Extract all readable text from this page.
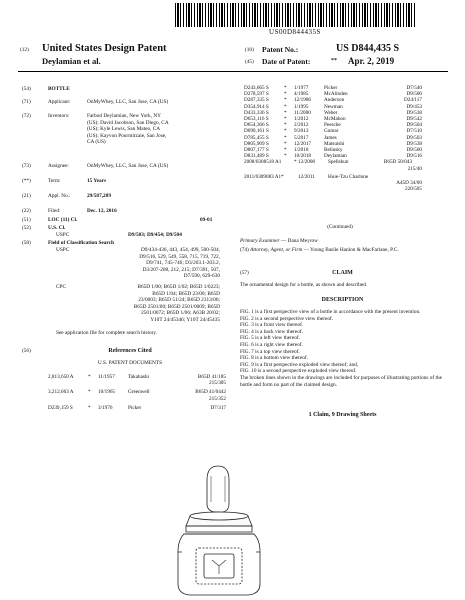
US00D844435S
(12) United States Design Patent
Deylamian et al.
(10) Patent No.:	US D844,435 S
(45) Date of Patent:	** Apr. 2, 2019
(54)	BOTTLE
(71)	Applicant:	OnMyWhey, LLC, San Jose, CA (US)
(72)	Inventors:	Farbod Deylamian, New York, NY
(US); David Jacobson, San Diego, CA
(US); Kyle Lewis, San Mateo, CA
(US); Kayvon Pourmirzaie, San Jose,
CA (US)
(73)	Assignee:	OnMyWhey, LLC, San Jose, CA (US)
(**)	Term:	15 Years
(21)	Appl. No.:	29/587,289
(22)	Filed:	Dec. 12, 2016
(51)	LOC (11) Cl.	09-01
(52)	U.S. Cl.
USPC	D9/503; D9/454; D9/504
(58)	Field of Classification Search
USPC	D9/434-436, 443, 454, 499, 500-504,
D9/516, 529, 549, 558, 715, 719, 722,
D9/741, 745-746; D3/203.1-203.2,
D3/207-208, 212, 215; D7/391, 507,
D7/590, 629-630
CPC	B65D 1/00; B65D 1/02; B65D 1/0223;
B65D 1/04; B65D 23/00; B65D
23/0003; B65D 51/24; B65D 2313/00;
B65D 2501/00; B65D 2501/0009; B65D
2501/0072; B65D 1/06; A63B 20/02;
Y10T 24/45346; Y10T 24/45435
See application file for complete search history.
(56)	References Cited
U.S. PATENT DOCUMENTS
2,813,650 A	*	11/1957	Takahashi	B65D 41/185
215/305
3,212,663 A	*	10/1965	Greenwell	B65D 41/0442
215/352
D239,159 S	*	3/1976	Picker	D7/317
D243,665 S	*	1/1977	Picker	D7/540
D278,597 S	*	4/1985	McAlinden	D9/500
D287,335 S	*	12/1986	Anderson	D24/117
D354,914 S	*	1/1995	Newman	D9/453
D433,336 S	*	11/2000	Weber	D9/538
D653,116 S	*	1/2012	McMahon	D9/542
D654,366 S	*	2/2012	Peesche	D9/504
D690,161 S	*	9/2013	Gumar	D7/510
D785,455 S	*	5/2017	James	D9/503
D805,909 S	*	12/2017	Matsuishi	D9/538
D807,177 S	*	1/2018	Belinsky	D9/500
D831,489 S	*	10/2018	Deylamian	D9/516
2008/0308518 A1	* 12/2008	Spellshun	B65D 50/043
215/40
2011/0309083 A1*	12/2011	Huie-Tzu Charlone
A45D 34/00
220/505
(Continued)
Primary Examiner — Dana Meyrow
(74) Attorney, Agent, or Firm — Young Basile Hanlon & MacFarlane, P.C.
(57)	CLAIM
The ornamental design for a bottle, as shown and described.
DESCRIPTION
FIG. 1 is a first perspective view of a bottle in accordance with the present invention.
FIG. 2 is a second perspective view thereof.
FIG. 3 is a front view thereof.
FIG. 4 is a back view thereof.
FIG. 5 is a left view thereof.
FIG. 6 is a right view thereof.
FIG. 7 is a top view thereof.
FIG. 8 is a bottom view thereof.
FIG. 9 is a first perspective exploded view thereof; and,
FIG. 10 is a second perspective exploded view thereof.
The broken lines shown in the drawings are included for purposes of illustrating portions of the bottle and form no part of the claimed design.
1 Claim, 9 Drawing Sheets
